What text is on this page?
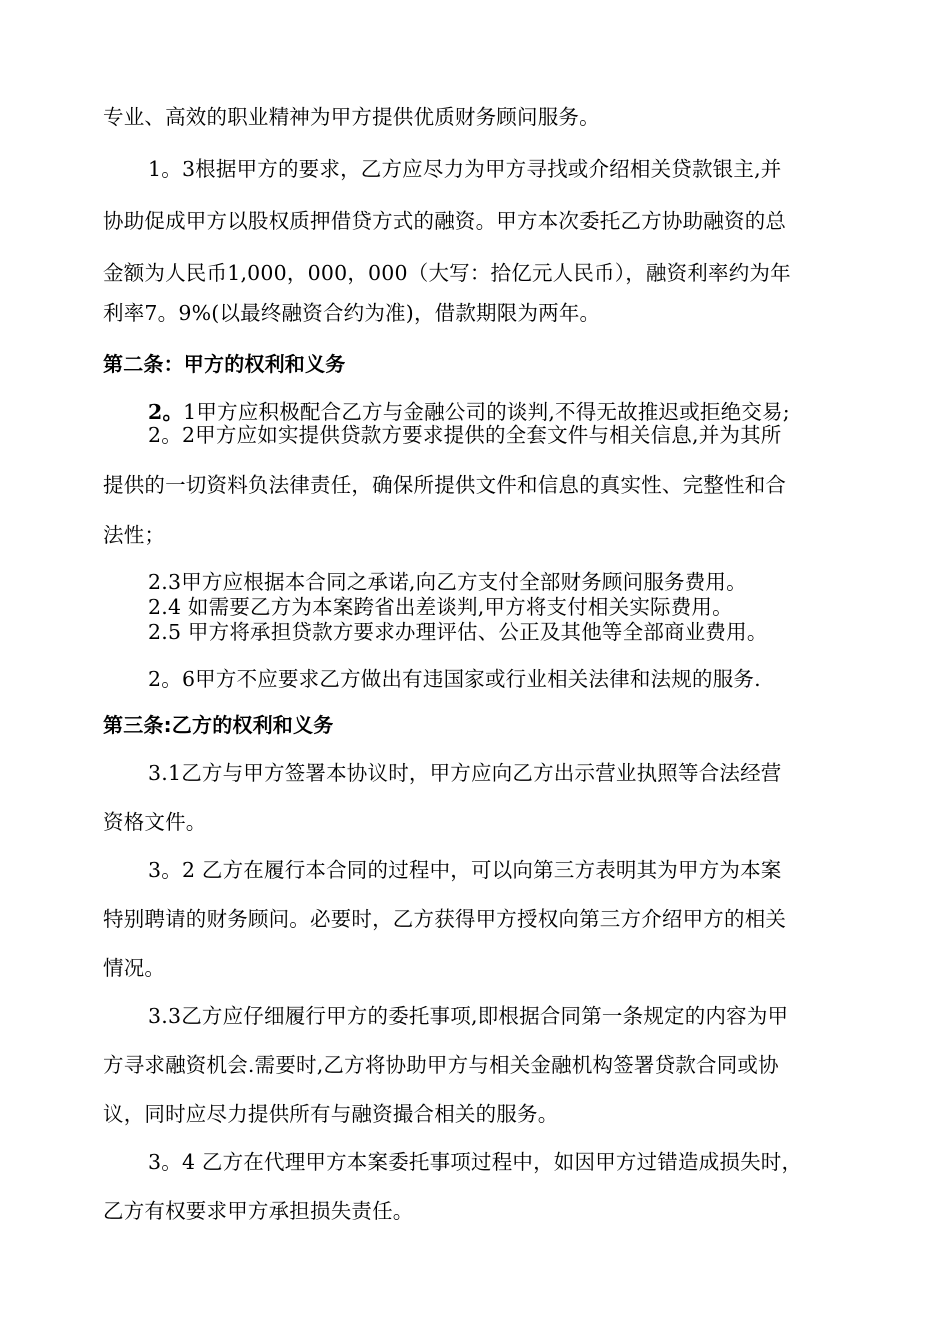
专业、高效的职业精神为甲方提供优质财务顾问服务。
1。3根据甲方的要求，乙方应尽力为甲方寻找或介绍相关贷款银主,并
协助促成甲方以股权质押借贷方式的融资。甲方本次委托乙方协助融资的总
金额为人民币1,000，000，000（大写：拾亿元人民币），融资利率约为年
利率7。9%(以最终融资合约为准)，借款期限为两年。
第二条：甲方的权利和义务
2。1甲方应积极配合乙方与金融公司的谈判,不得无故推迟或拒绝交易;
2。2甲方应如实提供贷款方要求提供的全套文件与相关信息,并为其所
提供的一切资料负法律责任，确保所提供文件和信息的真实性、完整性和合
法性；
2.3甲方应根据本合同之承诺,向乙方支付全部财务顾问服务费用。
2.4 如需要乙方为本案跨省出差谈判,甲方将支付相关实际费用。
2.5 甲方将承担贷款方要求办理评估、公正及其他等全部商业费用。
2。6甲方不应要求乙方做出有违国家或行业相关法律和法规的服务.
第三条:乙方的权利和义务
3.1乙方与甲方签署本协议时，甲方应向乙方出示营业执照等合法经营
资格文件。
3。2 乙方在履行本合同的过程中，可以向第三方表明其为甲方为本案
特别聘请的财务顾问。必要时，乙方获得甲方授权向第三方介绍甲方的相关
情况。
3.3乙方应仔细履行甲方的委托事项,即根据合同第一条规定的内容为甲
方寻求融资机会.需要时,乙方将协助甲方与相关金融机构签署贷款合同或协
议，同时应尽力提供所有与融资撮合相关的服务。
3。4 乙方在代理甲方本案委托事项过程中，如因甲方过错造成损失时，
乙方有权要求甲方承担损失责任。
